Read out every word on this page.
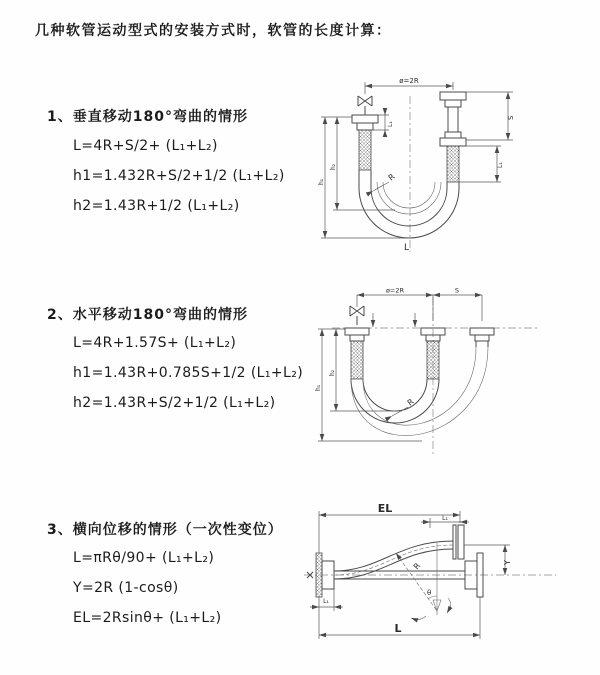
几种软管运动型式的安装方式时，软管的长度计算：
1、垂直移动180°弯曲的情形
L=4R+S/2+ (L₁+L₂)
h1=1.432R+S/2+1/2 (L₁+L₂)
h2=1.43R+1/2 (L₁+L₂)
2、水平移动180°弯曲的情形
L=4R+1.57S+ (L₁+L₂)
h1=1.43R+0.785S+1/2 (L₁+L₂)
h2=1.43R+S/2+1/2 (L₁+L₂)
3、横向位移的情形（一次性变位）
L=πRθ/90+ (L₁+L₂)
Y=2R (1-cosθ)
EL=2Rsinθ+ (L₁+L₂)
ø=2R
L₁
S
L₁
h₁
h₂
R
L
ø=2R	S
h₁
h₂
R
EL
L₁
Y
θ
R
L₁
L
